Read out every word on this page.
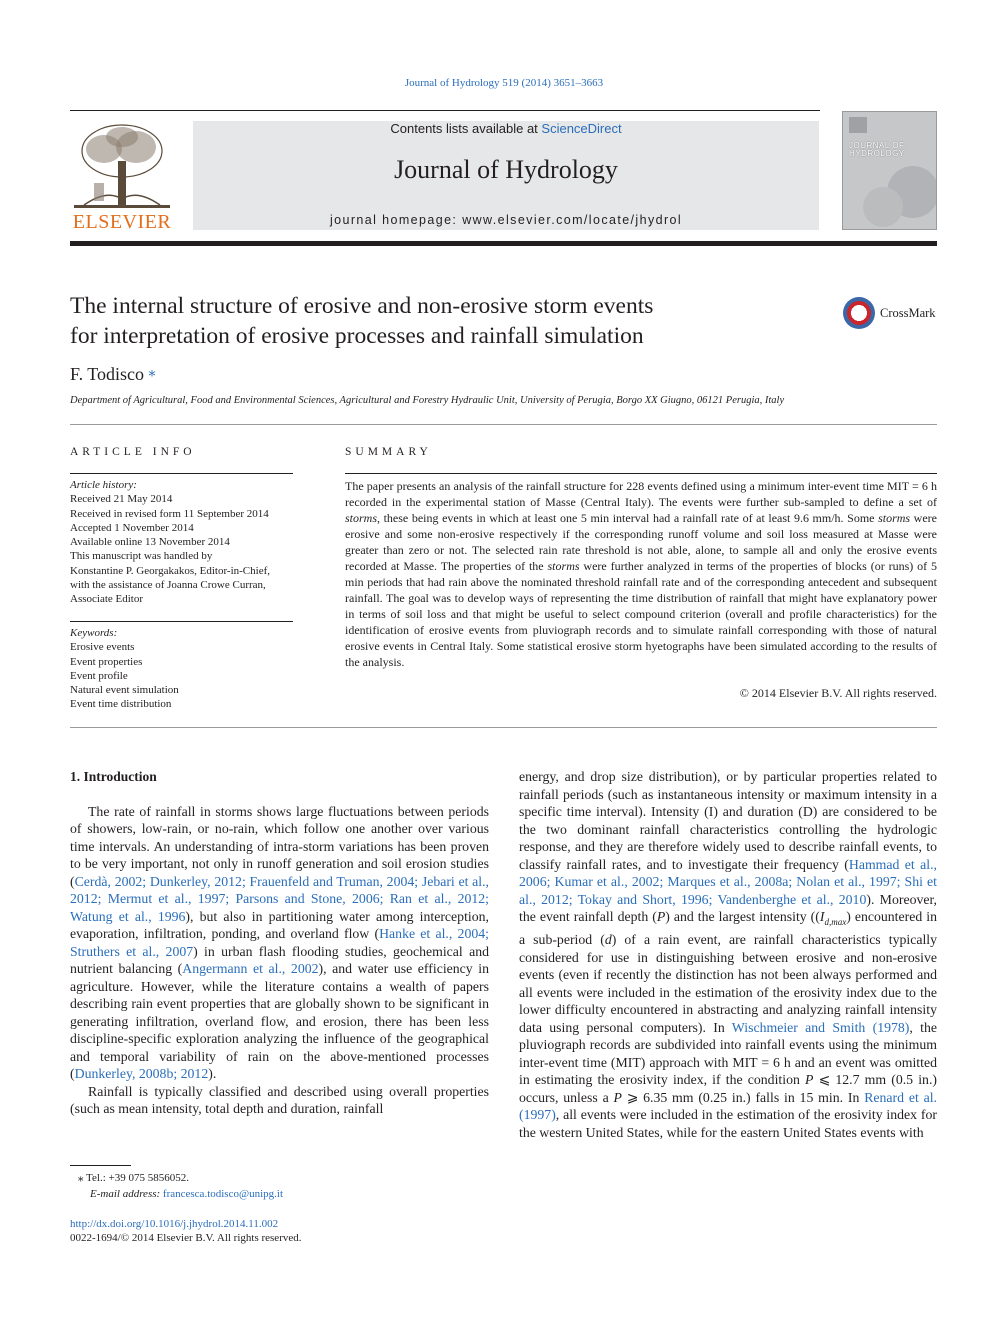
Journal of Hydrology 519 (2014) 3651–3663
ELSEVIER
Contents lists available at ScienceDirect
Journal of Hydrology
journal homepage: www.elsevier.com/locate/jhydrol
JOURNAL OF HYDROLOGY
The internal structure of erosive and non-erosive storm events
for interpretation of erosive processes and rainfall simulation
CrossMark
F. Todisco ⁎
Department of Agricultural, Food and Environmental Sciences, Agricultural and Forestry Hydraulic Unit, University of Perugia, Borgo XX Giugno, 06121 Perugia, Italy
ARTICLE INFO
Article history:
Received 21 May 2014
Received in revised form 11 September 2014
Accepted 1 November 2014
Available online 13 November 2014
This manuscript was handled by
Konstantine P. Georgakakos, Editor-in-Chief,
with the assistance of Joanna Crowe Curran,
Associate Editor
Keywords:
Erosive events
Event properties
Event profile
Natural event simulation
Event time distribution
SUMMARY
The paper presents an analysis of the rainfall structure for 228 events defined using a minimum inter-event time MIT = 6 h recorded in the experimental station of Masse (Central Italy). The events were further sub-sampled to define a set of storms, these being events in which at least one 5 min interval had a rainfall rate of at least 9.6 mm/h. Some storms were erosive and some non-erosive respectively if the corresponding runoff volume and soil loss measured at Masse were greater than zero or not. The selected rain rate threshold is not able, alone, to sample all and only the erosive events recorded at Masse. The properties of the storms were further analyzed in terms of the properties of blocks (or runs) of 5 min periods that had rain above the nominated threshold rainfall rate and of the corresponding antecedent and subsequent rainfall. The goal was to develop ways of representing the time distribution of rainfall that might have explanatory power in terms of soil loss and that might be useful to select compound criterion (overall and profile characteristics) for the identification of erosive events from pluviograph records and to simulate rainfall corresponding with those of natural erosive events in Central Italy. Some statistical erosive storm hyetographs have been simulated according to the results of the analysis.
© 2014 Elsevier B.V. All rights reserved.

1. Introduction

The rate of rainfall in storms shows large fluctuations between periods of showers, low-rain, or no-rain, which follow one another over various time intervals. An understanding of intra-storm variations has been proven to be very important, not only in runoff generation and soil erosion studies (Cerdà, 2002; Dunkerley, 2012; Frauenfeld and Truman, 2004; Jebari et al., 2012; Mermut et al., 1997; Parsons and Stone, 2006; Ran et al., 2012; Watung et al., 1996), but also in partitioning water among interception, evaporation, infiltration, ponding, and overland flow (Hanke et al., 2004; Struthers et al., 2007) in urban flash flooding studies, geochemical and nutrient balancing (Angermann et al., 2002), and water use efficiency in agriculture. However, while the literature contains a wealth of papers describing rain event properties that are globally shown to be significant in generating infiltration, overland flow, and erosion, there has been less discipline-specific exploration analyzing the influence of the geographical and temporal variability of rain on the above-mentioned processes (Dunkerley, 2008b; 2012).

Rainfall is typically classified and described using overall properties (such as mean intensity, total depth and duration, rainfall

energy, and drop size distribution), or by particular properties related to rainfall periods (such as instantaneous intensity or maximum intensity in a specific time interval). Intensity (I) and duration (D) are considered to be the two dominant rainfall characteristics controlling the hydrologic response, and they are therefore widely used to describe rainfall events, to classify rainfall rates, and to investigate their frequency (Hammad et al., 2006; Kumar et al., 2002; Marques et al., 2008a; Nolan et al., 1997; Shi et al., 2012; Tokay and Short, 1996; Vandenberghe et al., 2010). Moreover, the event rainfall depth (P) and the largest intensity ($(I_{d,max})$ encountered in a sub-period (d) of a rain event, are rainfall characteristics typically considered for use in distinguishing between erosive and non-erosive events (even if recently the distinction has not been always performed and all events were included in the estimation of the erosivity index due to the lower difficulty encountered in abstracting and analyzing rainfall intensity data using personal computers). In Wischmeier and Smith (1978), the pluviograph records are subdivided into rainfall events using the minimum inter-event time (MIT) approach with MIT = 6 h and an event was omitted in estimating the erosivity index, if the condition P ⩽ 12.7 mm (0.5 in.) occurs, unless a P ⩾ 6.35 mm (0.25 in.) falls in 15 min. In Renard et al. (1997), all events were included in the estimation of the erosivity index for the western United States, while for the eastern United States events with

⁎ Tel.: +39 075 5856052.
E-mail address: francesca.todisco@unipg.it
http://dx.doi.org/10.1016/j.jhydrol.2014.11.002
0022-1694/© 2014 Elsevier B.V. All rights reserved.
